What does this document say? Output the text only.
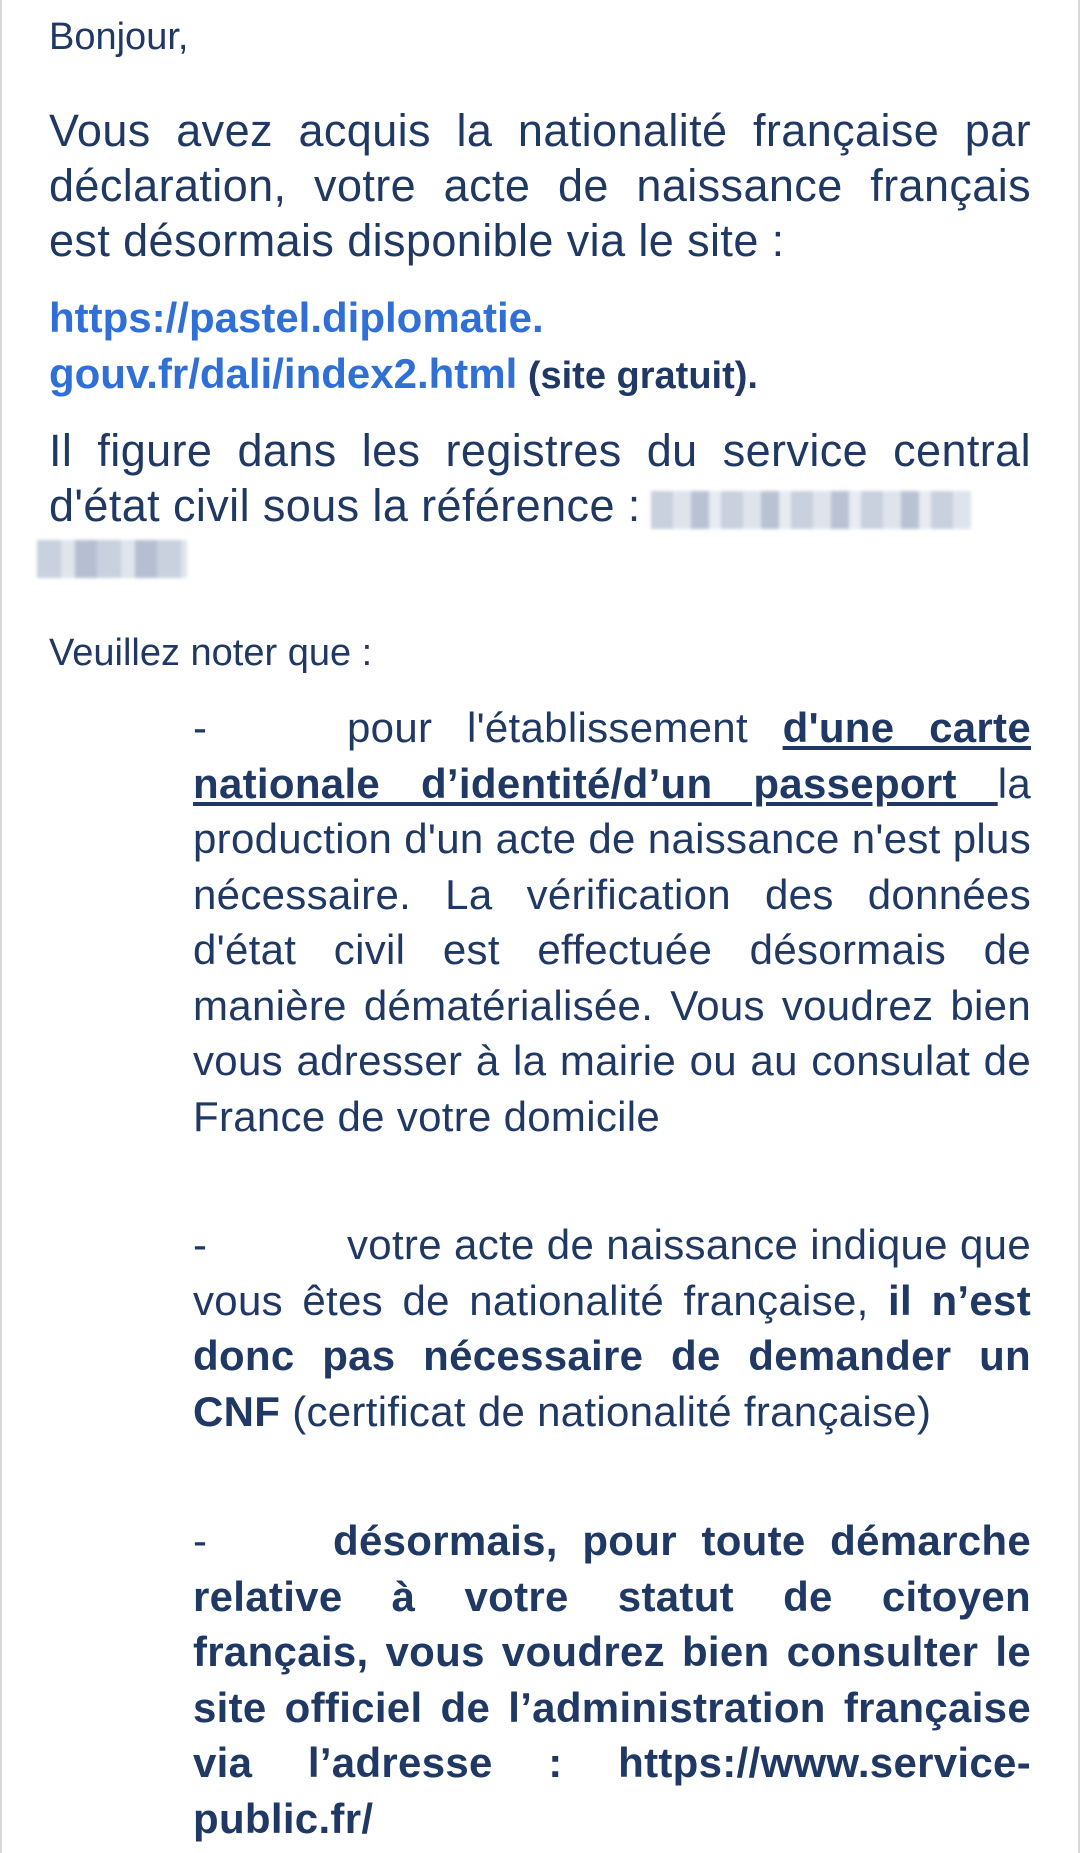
Bonjour,
Vous avez acquis la nationalité française par déclaration, votre acte de naissance français est désormais disponible via le site :
https://pastel.diplomatie.
gouv.fr/dali/index2.html (site gratuit).
Il figure dans les registres du service central d'état civil sous la référence :
Veuillez noter que :
-	pour l'établissement d'une carte nationale d’identité/d’un passeport la production d'un acte de naissance n'est plus nécessaire. La vérification des données d'état civil est effectuée désormais de manière dématérialisée. Vous voudrez bien vous adresser à la mairie ou au consulat de France de votre domicile
-	votre acte de naissance indique que vous êtes de nationalité française, il n’est donc pas nécessaire de demander un CNF (certificat de nationalité française)
-	désormais, pour toute démarche relative à votre statut de citoyen français, vous voudrez bien consulter le site officiel de l’administration française via l’adresse : https://www.service-public.fr/
